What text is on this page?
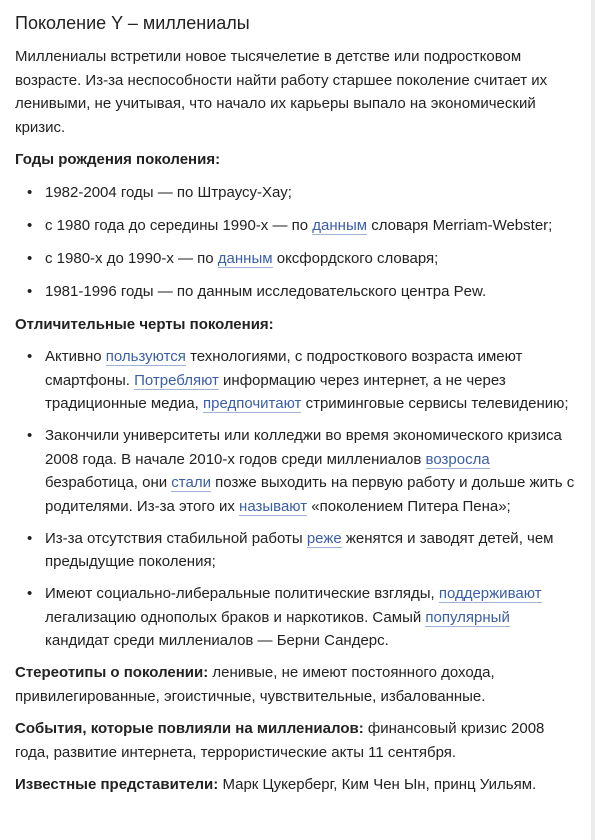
Поколение Y – миллениалы

Миллениалы встретили новое тысячелетие в детстве или подростковом возрасте. Из-за неспособности найти работу старшее поколение считает их ленивыми, не учитывая, что начало их карьеры выпало на экономический кризис.

Годы рождения поколения:
• 1982-2004 годы — по Штраусу-Хау;
• с 1980 года до середины 1990-х — по данным словаря Merriam-Webster;
• с 1980-х до 1990-х — по данным оксфордского словаря;
• 1981-1996 годы — по данным исследовательского центра Pew.
Отличительные черты поколения:
• Активно пользуются технологиями, с подросткового возраста имеют смартфоны. Потребляют информацию через интернет, а не через традиционные медиа, предпочитают стриминговые сервисы телевидению;
• Закончили университеты или колледжи во время экономического кризиса 2008 года. В начале 2010-х годов среди миллениалов возросла безработица, они стали позже выходить на первую работу и дольше жить с родителями. Из-за этого их называют «поколением Питера Пена»;
• Из-за отсутствия стабильной работы реже женятся и заводят детей, чем предыдущие поколения;
• Имеют социально-либеральные политические взгляды, поддерживают легализацию однополых браков и наркотиков. Самый популярный кандидат среди миллениалов — Берни Сандерс.

Стереотипы о поколении: ленивые, не имеют постоянного дохода, привилегированные, эгоистичные, чувствительные, избалованные.

События, которые повлияли на миллениалов: финансовый кризис 2008 года, развитие интернета, террористические акты 11 сентября.

Известные представители: Марк Цукерберг, Ким Чен Ын, принц Уильям.
